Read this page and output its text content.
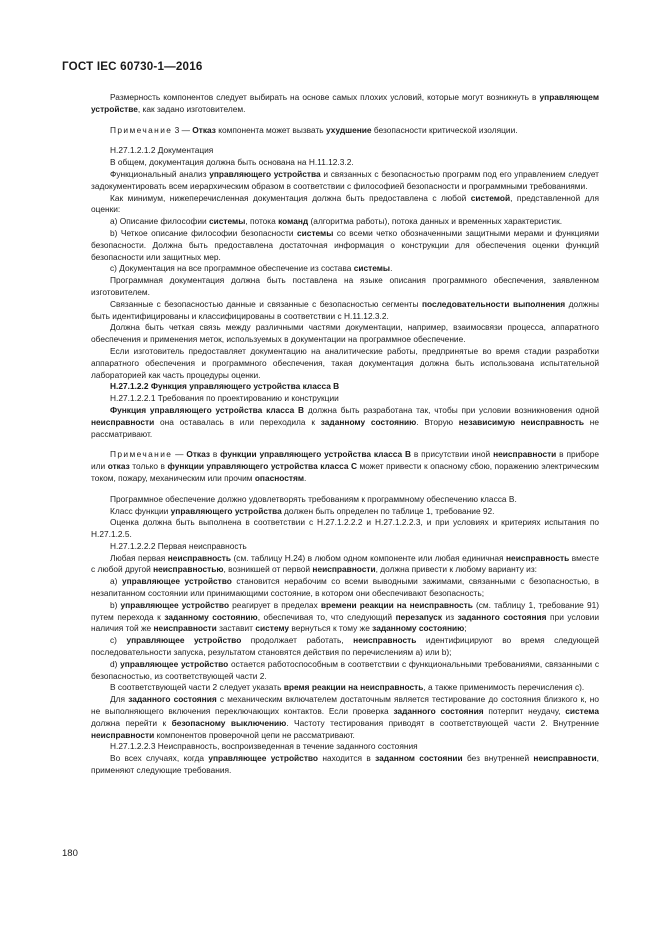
ГОСТ IEC 60730-1—2016

Размерность компонентов следует выбирать на основе самых плохих условий, которые могут возникнуть в управляющем устройстве, как задано изготовителем.

Примечание 3 — Отказ компонента может вызвать ухудшение безопасности критической изоляции.

Н.27.1.2.1.2 Документация

В общем, документация должна быть основана на Н.11.12.3.2.

Функциональный анализ управляющего устройства и связанных с безопасностью программ под его управлением следует задокументировать всем иерархическим образом в соответствии с философией безопасности и программными требованиями.

Как минимум, нижеперечисленная документация должна быть предоставлена с любой системой, представленной для оценки:

a) Описание философии системы, потока команд (алгоритма работы), потока данных и временных характеристик.

b) Четкое описание философии безопасности системы со всеми четко обозначенными защитными мерами и функциями безопасности. Должна быть предоставлена достаточная информация о конструкции для обеспечения оценки функций безопасности или защитных мер.

c) Документация на все программное обеспечение из состава системы.

Программная документация должна быть поставлена на языке описания программного обеспечения, заявленном изготовителем.

Связанные с безопасностью данные и связанные с безопасностью сегменты последовательности выполнения должны быть идентифицированы и классифицированы в соответствии с Н.11.12.3.2.

Должна быть четкая связь между различными частями документации, например, взаимосвязи процесса, аппаратного обеспечения и применения меток, используемых в документации на программное обеспечение.

Если изготовитель предоставляет документацию на аналитические работы, предпринятые во время стадии разработки аппаратного обеспечения и программного обеспечения, такая документация должна быть использована испытательной лабораторией как часть процедуры оценки.

Н.27.1.2.2 Функция управляющего устройства класса В

Н.27.1.2.2.1 Требования по проектированию и конструкции

Функция управляющего устройства класса В должна быть разработана так, чтобы при условии возникновения одной неисправности она оставалась в или переходила к заданному состоянию. Вторую независимую неисправность не рассматривают.

Примечание — Отказ в функции управляющего устройства класса В в присутствии иной неисправности в приборе или отказ только в функции управляющего устройства класса С может привести к опасному сбою, поражению электрическим током, пожару, механическим или прочим опасностям.

Программное обеспечение должно удовлетворять требованиям к программному обеспечению класса В.

Класс функции управляющего устройства должен быть определен по таблице 1, требование 92.

Оценка должна быть выполнена в соответствии с Н.27.1.2.2.2 и Н.27.1.2.2.3, и при условиях и критериях испытания по Н.27.1.2.5.

Н.27.1.2.2.2 Первая неисправность

Любая первая неисправность (см. таблицу Н.24) в любом одном компоненте или любая единичная неисправность вместе с любой другой неисправностью, возникшей от первой неисправности, должна привести к любому варианту из:

a) управляющее устройство становится нерабочим со всеми выводными зажимами, связанными с безопасностью, в незапитанном состоянии или принимающими состояние, в котором они обеспечивают безопасность;

b) управляющее устройство реагирует в пределах времени реакции на неисправность (см. таблицу 1, требование 91) путем перехода к заданному состоянию, обеспечивая то, что следующий перезапуск из заданного состояния при условии наличия той же неисправности заставит систему вернуться к тому же заданному состоянию;

c) управляющее устройство продолжает работать, неисправность идентифицируют во время следующей последовательности запуска, результатом становятся действия по перечислениям a) или b);

d) управляющее устройство остается работоспособным в соответствии с функциональными требованиями, связанными с безопасностью, из соответствующей части 2.

В соответствующей части 2 следует указать время реакции на неисправность, а также применимость перечисления c).

Для заданного состояния с механическим включателем достаточным является тестирование до состояния близкого к, но не выполняющего включения переключающих контактов. Если проверка заданного состояния потерпит неудачу, система должна перейти к безопасному выключению. Частоту тестирования приводят в соответствующей части 2. Внутренние неисправности компонентов проверочной цепи не рассматривают.

Н.27.1.2.2.3 Неисправность, воспроизведенная в течение заданного состояния

Во всех случаях, когда управляющее устройство находится в заданном состоянии без внутренней неисправности, применяют следующие требования.

180
